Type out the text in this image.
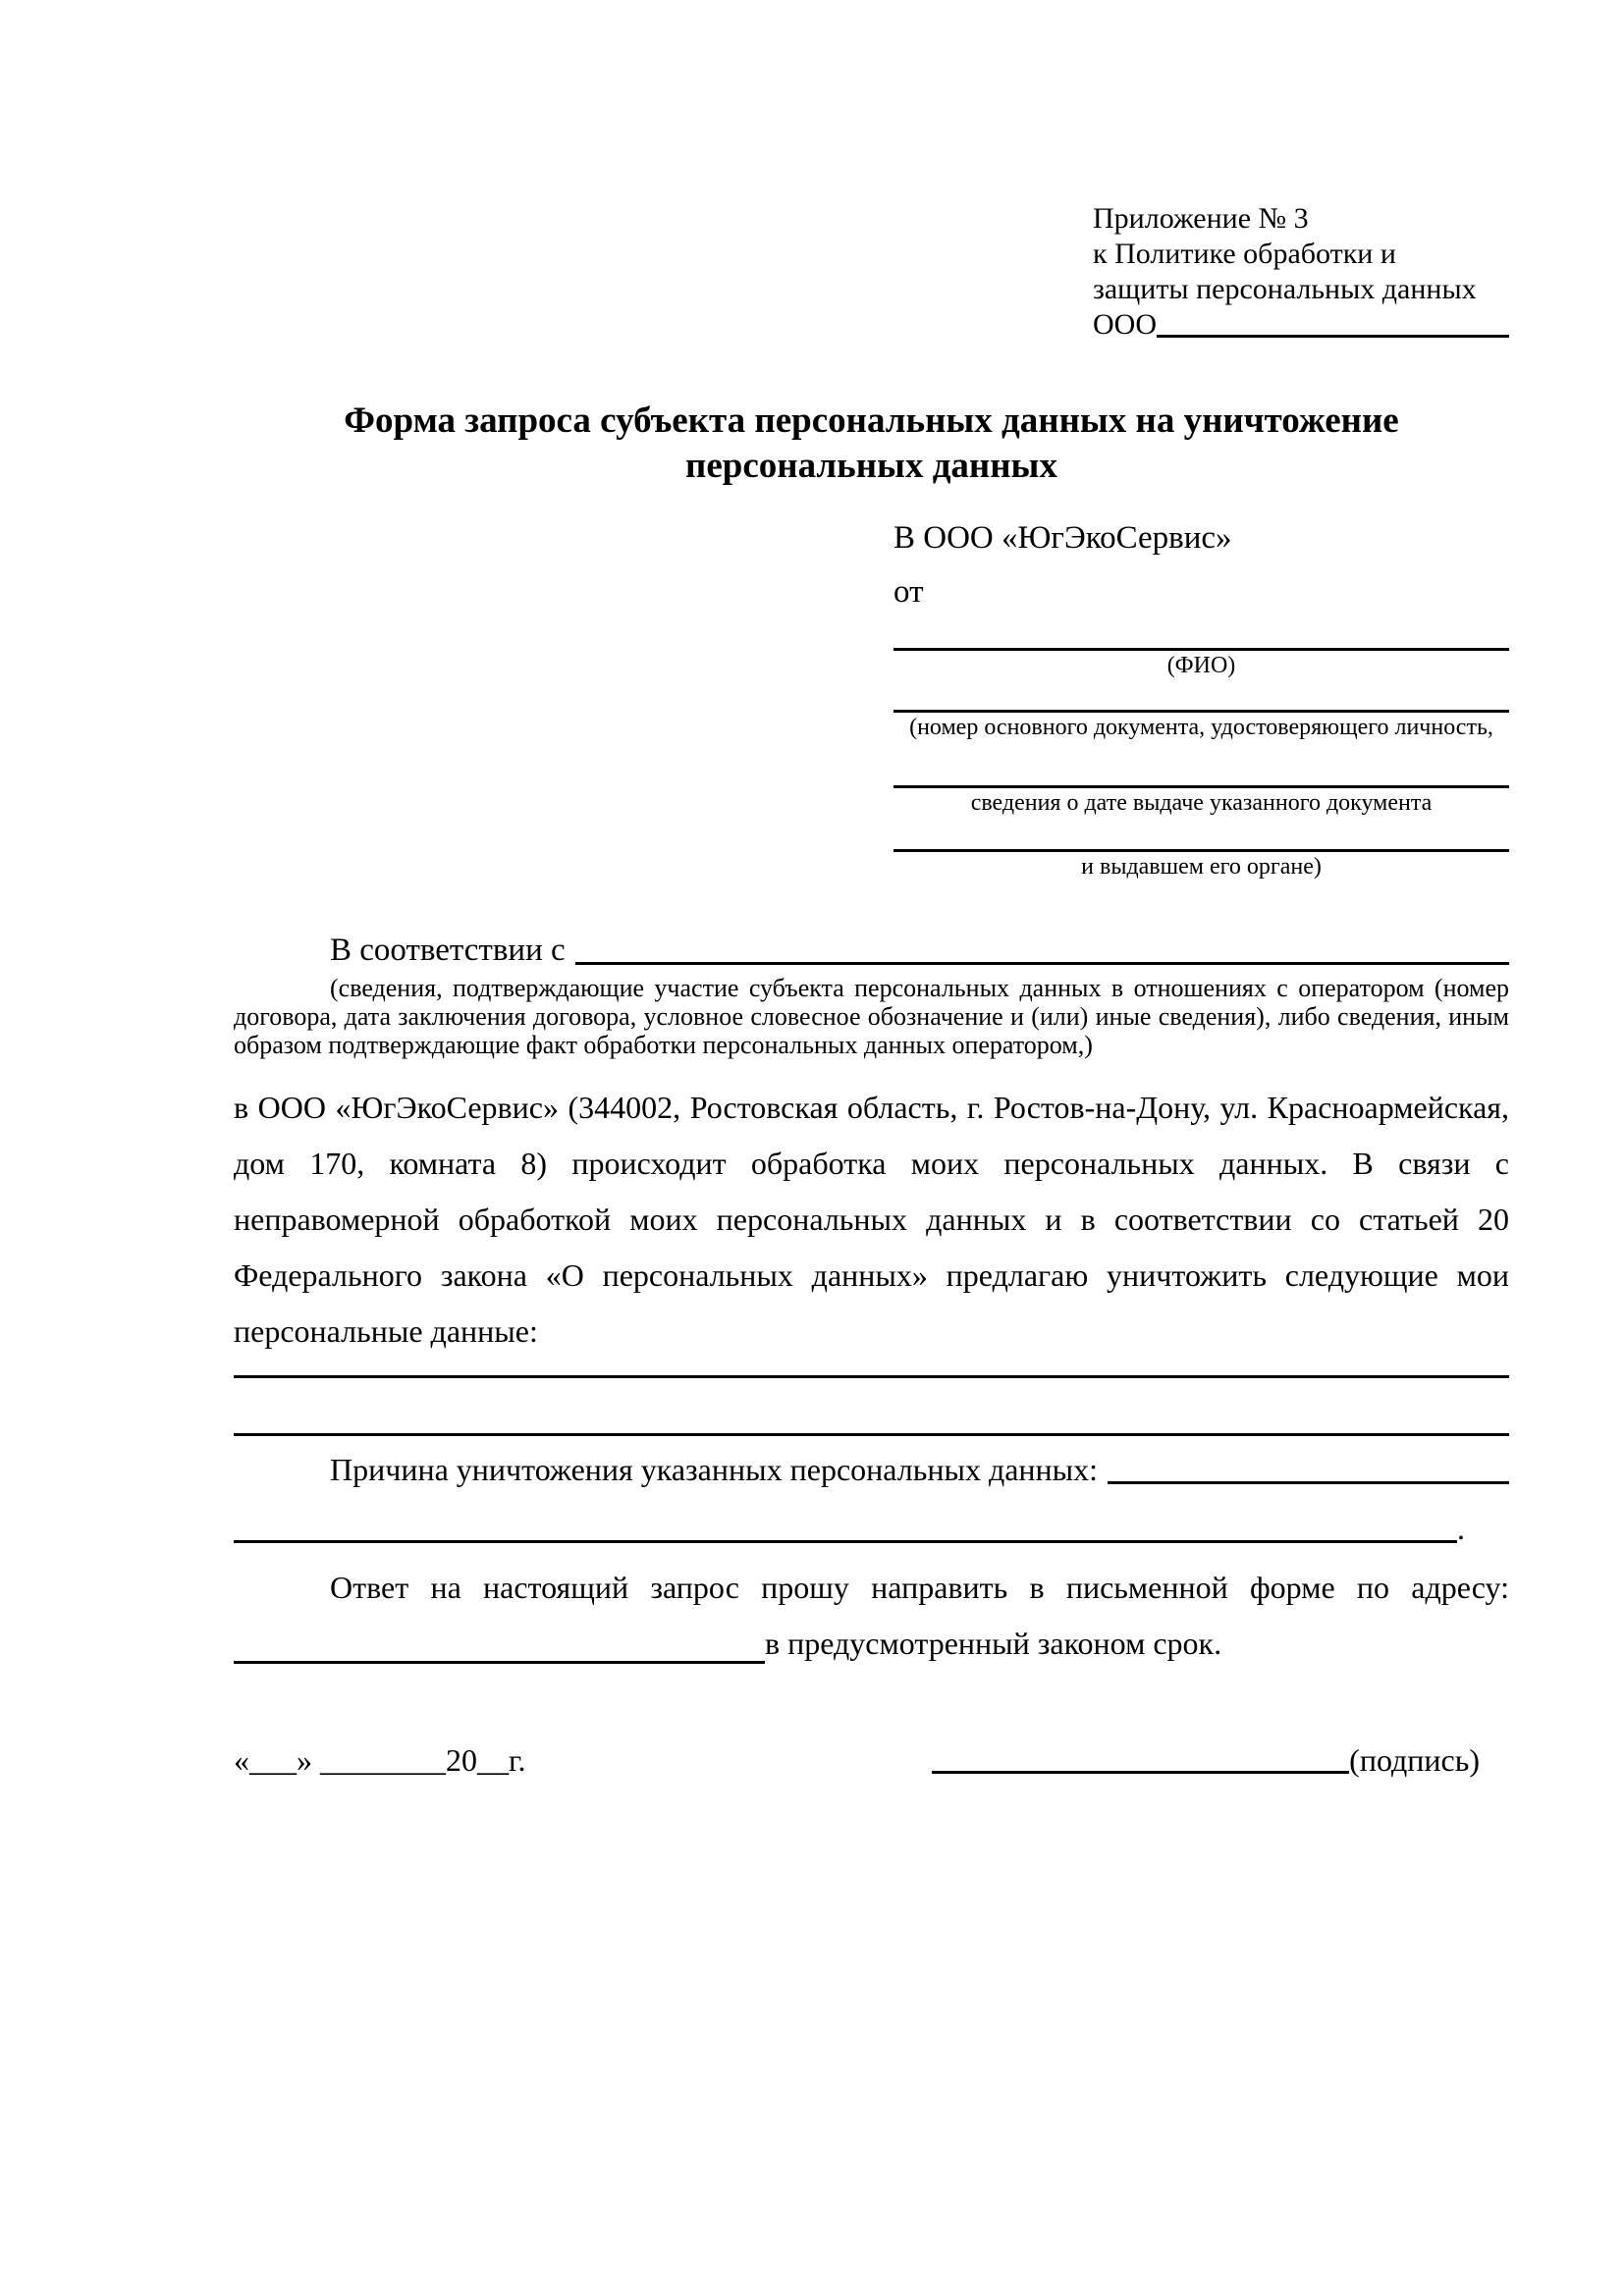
Приложение № 3
к Политике обработки и
защиты персональных данных
ООО
Форма запроса субъекта персональных данных на уничтожение
персональных данных
В ООО «ЮгЭкоСервис»
от
(ФИО)
(номер основного документа, удостоверяющего личность,
сведения о дате выдаче указанного документа
и выдавшем его органе)
В соответствии с

(сведения, подтверждающие участие субъекта персональных данных в отношениях с оператором (номер договора, дата заключения договора, условное словесное обозначение и (или) иные сведения), либо сведения, иным образом подтверждающие факт обработки персональных данных оператором,)

в ООО «ЮгЭкоСервис» (344002, Ростовская область, г. Ростов-на-Дону, ул. Красноармейская, дом 170, комната 8) происходит обработка моих персональных данных. В связи с неправомерной обработкой моих персональных данных и в соответствии со статьей 20 Федерального закона «О персональных данных» предлагаю уничтожить следующие мои персональные данные:

Причина уничтожения указанных персональных данных:
.

Ответ на настоящий запрос прошу направить в письменной форме по адресу:

в предусмотренный законом срок.
«___» ________20__г.	(подпись)
